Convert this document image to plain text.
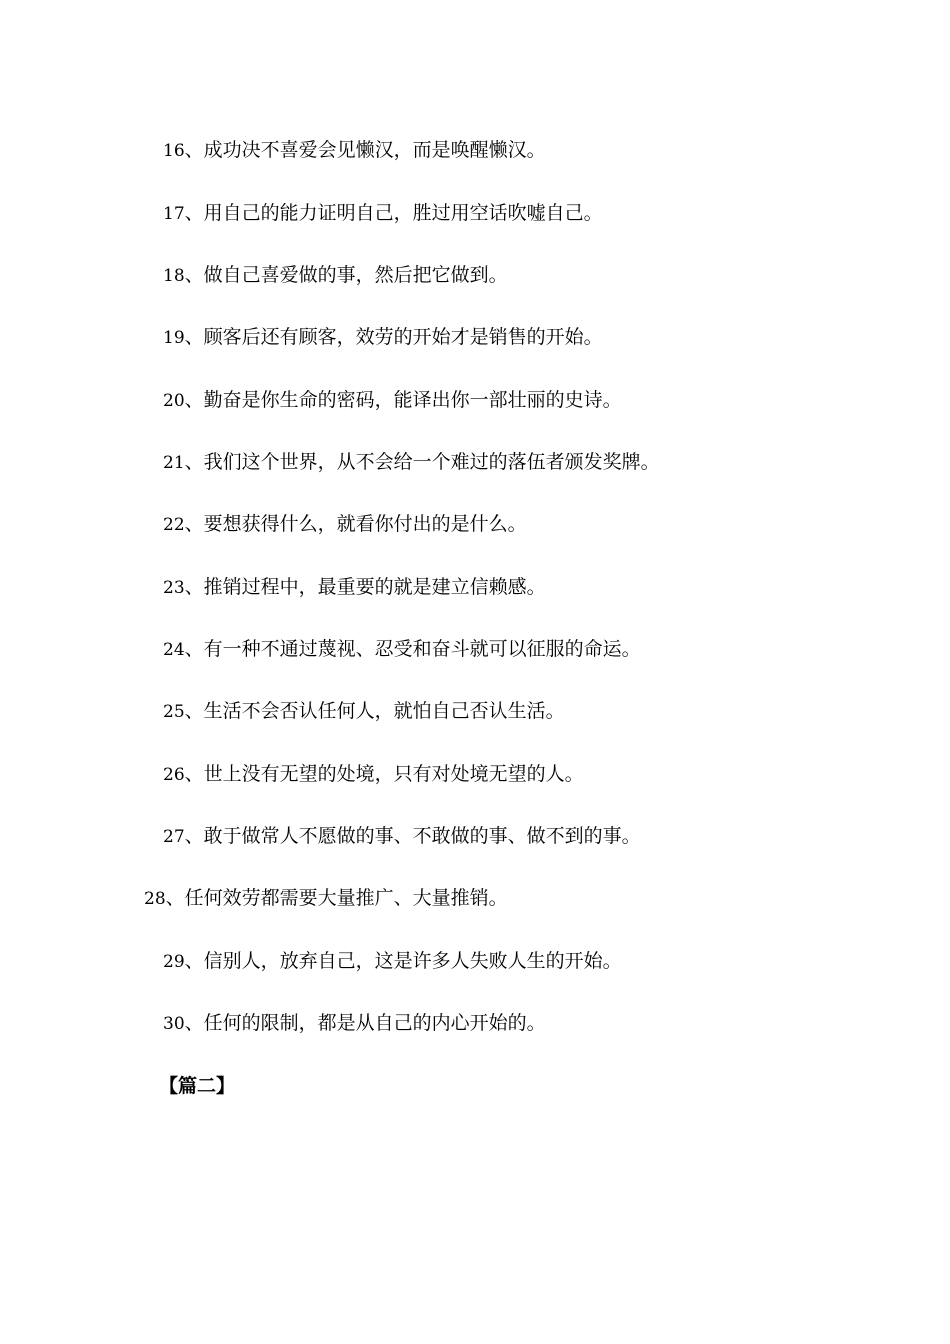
16、成功决不喜爱会见懒汉，而是唤醒懒汉。
17、用自己的能力证明自己，胜过用空话吹嘘自己。
18、做自己喜爱做的事，然后把它做到。
19、顾客后还有顾客，效劳的开始才是销售的开始。
20、勤奋是你生命的密码，能译出你一部壮丽的史诗。
21、我们这个世界，从不会给一个难过的落伍者颁发奖牌。
22、要想获得什么，就看你付出的是什么。
23、推销过程中，最重要的就是建立信赖感。
24、有一种不通过蔑视、忍受和奋斗就可以征服的命运。
25、生活不会否认任何人，就怕自己否认生活。
26、世上没有无望的处境，只有对处境无望的人。
27、敢于做常人不愿做的事、不敢做的事、做不到的事。
28、任何效劳都需要大量推广、大量推销。
29、信别人，放弃自己，这是许多人失败人生的开始。
30、任何的限制，都是从自己的内心开始的。
【篇二】
